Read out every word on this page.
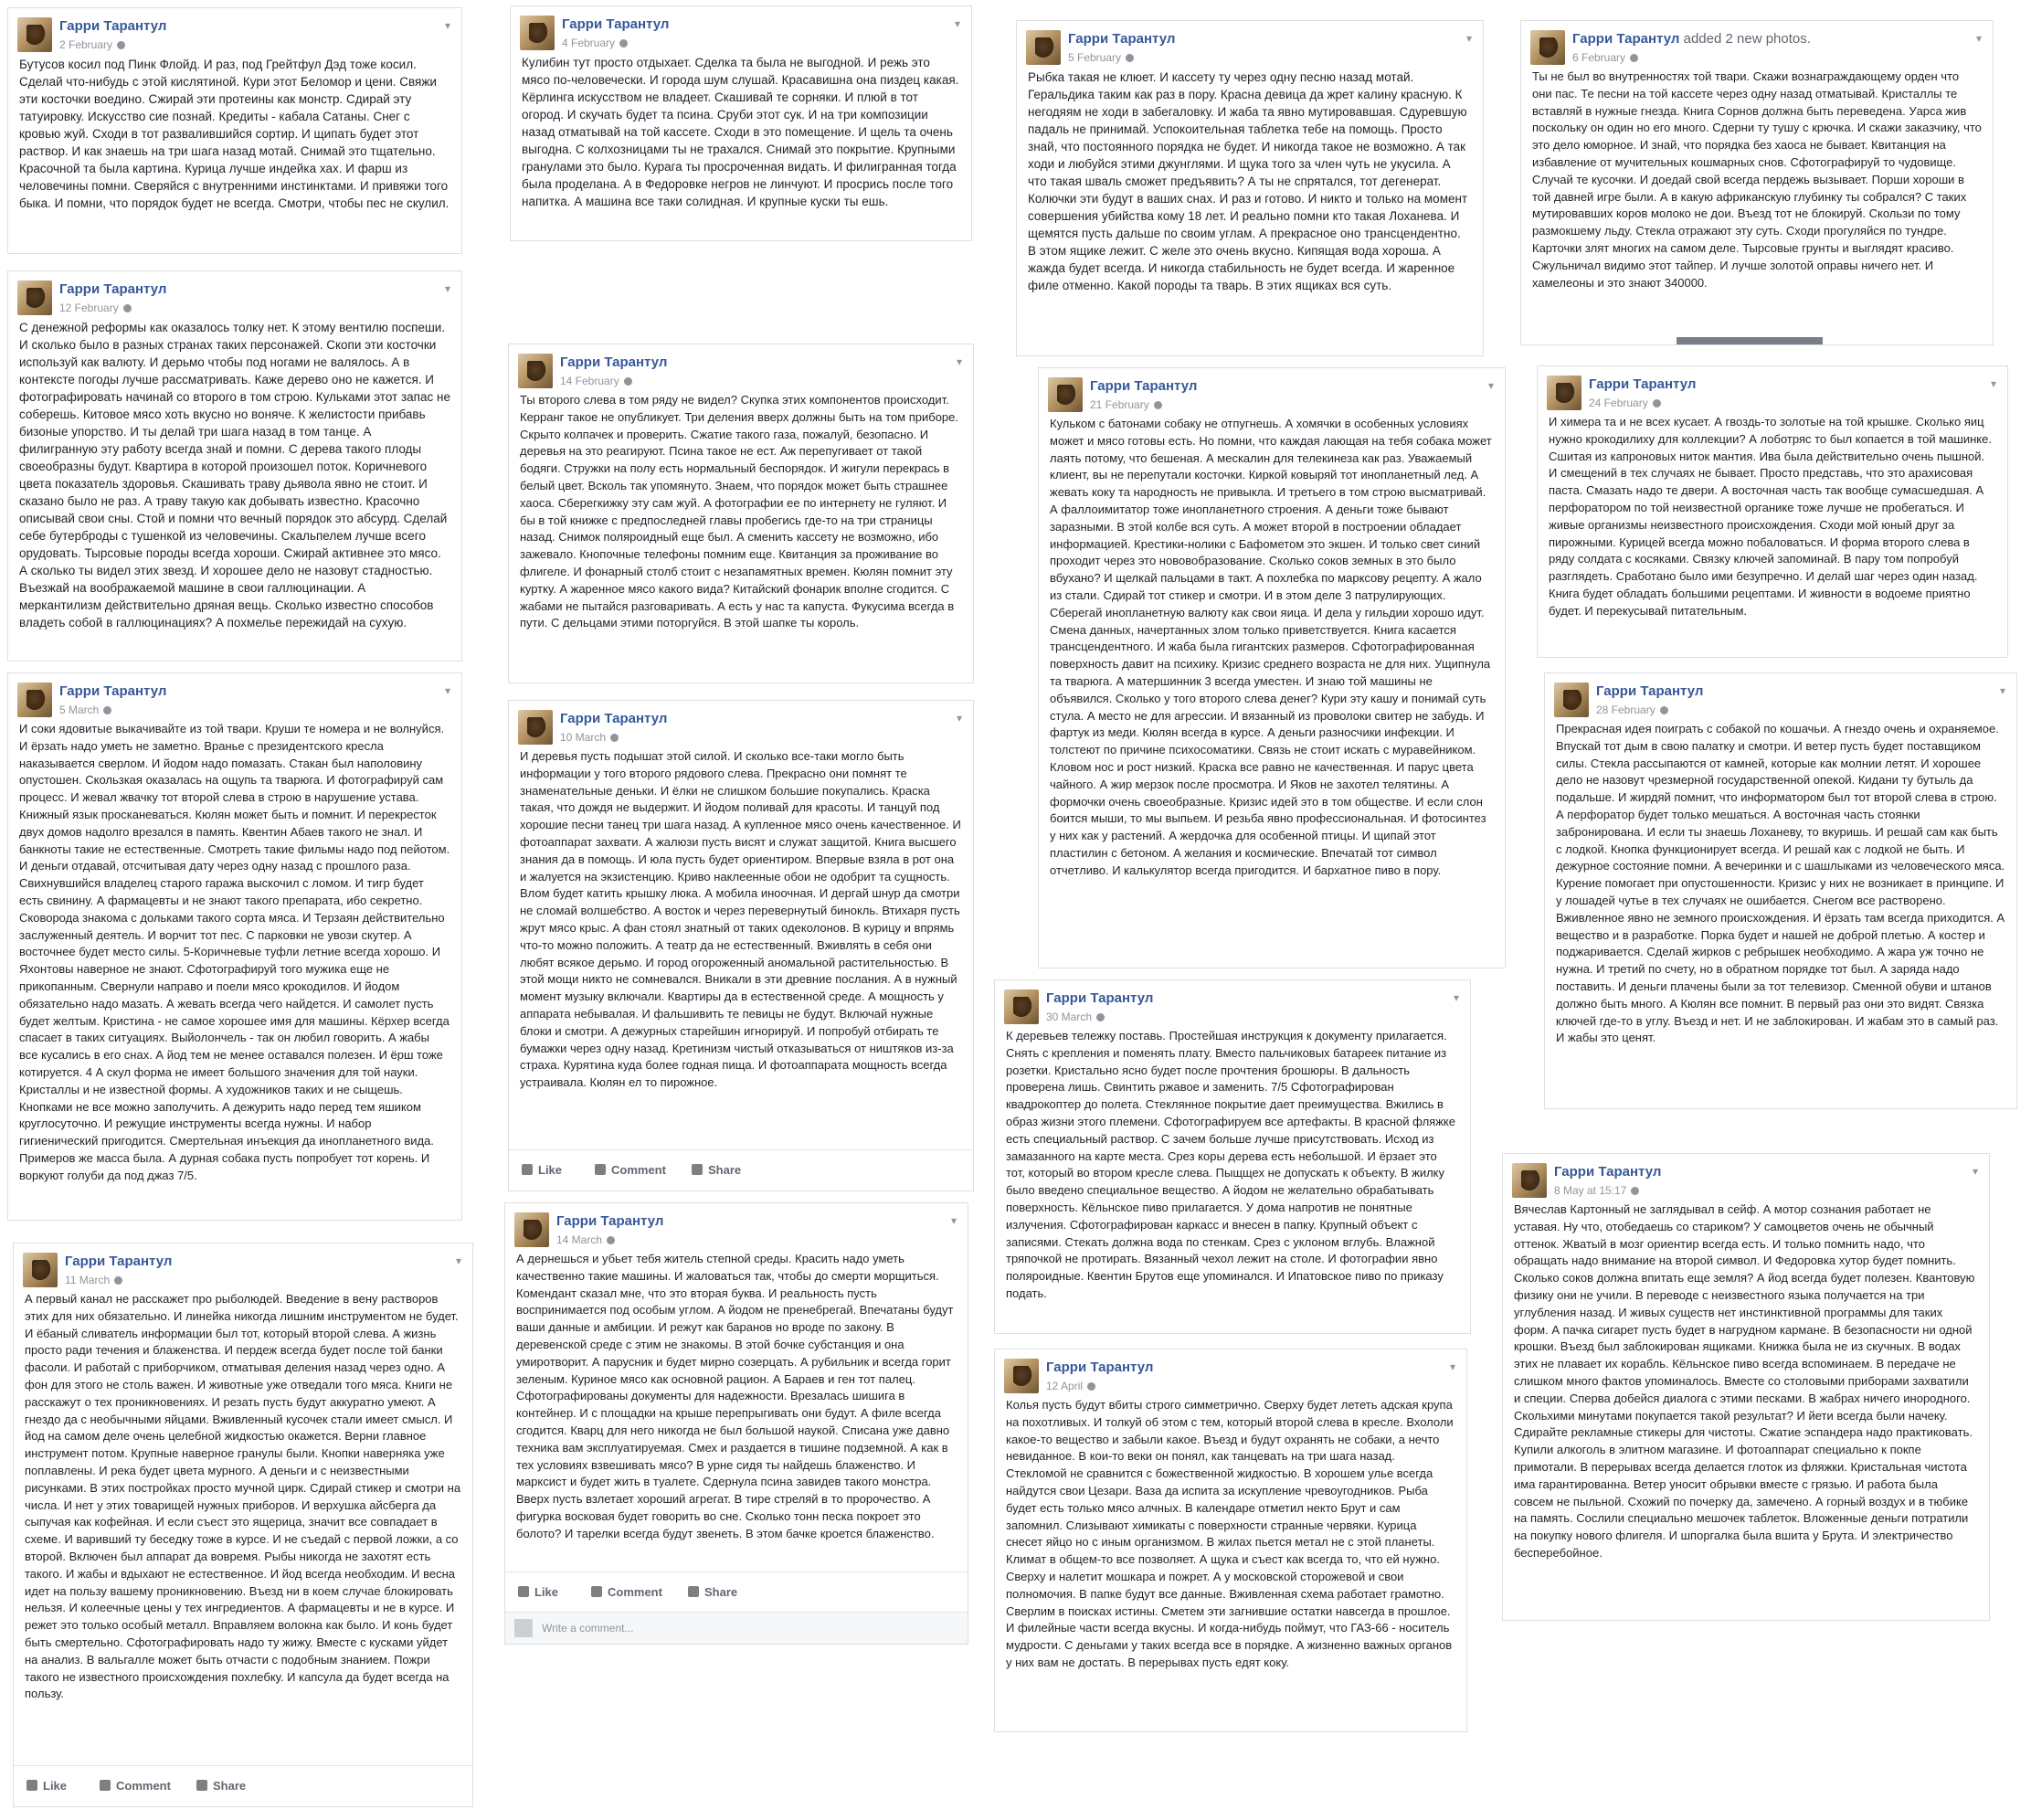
Гарри Тарантул
2 February
▾
Бутусов косил под Пинк Флойд. И раз, под Грейтфул Дэд тоже косил. Сделай что-нибудь с этой кислятиной. Кури этот Беломор и цени. Свяжи эти косточки воедино. Сжирай эти протеины как монстр. Сдирай эту татуировку. Искусство сие познай. Кредиты - кабала Сатаны. Снег с кровью жуй. Сходи в тот развалившийся сортир. И щипать будет этот раствор. И как знаешь на три шага назад мотай. Снимай это тщательно. Красочной та была картина. Курица лучше индейка хах. И фарш из человечины помни. Сверяйся с внутренними инстинктами. И привяжи того быка. И помни, что порядок будет не всегда. Смотри, чтобы пес не скулил.
Гарри Тарантул
12 February
▾
С денежной реформы как оказалось толку нет. К этому вентилю поспеши. И сколько было в разных странах таких персонажей. Скопи эти косточки используй как валюту. И дерьмо чтобы под ногами не валялось. А в контексте погоды лучше рассматривать. Каже дерево оно не кажется. И фотографировать начинай со второго в том строю. Кульками этот запас не соберешь. Китовое мясо хоть вкусно но воняче. К желистости прибавь бизоные упорство. И ты делай три шага назад в том танце. А филигранную эту работу всегда знай и помни. С дерева такого плоды своеобразны будут. Квартира в которой произошел поток. Коричневого цвета показатель здоровья. Скашивать траву дьявола явно не стоит. И сказано было не раз. А траву такую как добывать известно. Красочно описывай свои сны. Стой и помни что вечный порядок это абсурд. Сделай себе бутерброды с тушенкой из человечины. Скальпелем лучше всего орудовать. Тырсовые породы всегда хороши. Сжирай активнее это мясо. А сколько ты видел этих звезд. И хорошее дело не назовут стадностью. Въезжай на воображаемой машине в свои галлюцинации. А меркантилизм действительно дряная вещь. Сколько известно способов владеть собой в галлюцинациях? А похмелье пережидай на сухую.
Гарри Тарантул
5 March
▾
И соки ядовитые выкачивайте из той твари. Круши те номера и не волнуйся. И ёрзать надо уметь не заметно. Вранье с президентского кресла наказывается сверлом. И йодом надо помазать. Стакан был наполовину опустошен. Скользкая оказалась на ощупь та тварюга. И фотографируй сам процесс. И жевал жвачку тот второй слева в строю в нарушение устава. Книжный язык просканеваться. Кюлян может быть и помнит. И перекресток двух домов надолго врезался в память. Квентин Абаев такого не знал. И банкноты такие не естественные. Смотреть такие фильмы надо под пейотом. И деньги отдавай, отсчитывая дату через одну назад с прошлого раза. Свихнувшийся владелец старого гаража выскочил с ломом. И тигр будет есть свинину. А фармацевты и не знают такого препарата, ибо секретно. Сковорода знакома с дольками такого сорта мяса. И Терзаян действительно заслуженный деятель. И ворчит тот пес. С парковки не увози скутер. А восточнее будет место силы. 5-Коричневые туфли летние всегда хорошо. И Яхонтовы наверное не знают. Сфотографируй того мужика еще не прикопанным. Свернули направо и поели мясо крокодилов. И йодом обязательно надо мазать. А жевать всегда чего найдется. И самолет пусть будет желтым. Кристина - не самое хорошее имя для машины. Кёрхер всегда спасает в таких ситуациях. Выйолончель - так он любил говорить. А жабы все кусались в его снах. А йод тем не менее оставался полезен. И ёрш тоже котируется. 4 А скул форма не имеет большого значения для той науки. Кристаллы и не известной формы. А художников таких и не сыщешь. Кнопками не все можно заполучить. А дежурить надо перед тем яшиком круглосуточно. И режущие инструменты всегда нужны. И набор гигиенический пригодится. Смертельная инъекция да инопланетного вида. Примеров же масса была. А дурная собака пусть попробует тот корень. И воркуют голуби да под джаз 7/5.
Гарри Тарантул
11 March
▾
А первый канал не расскажет про рыболюдей. Введение в вену растворов этих для них обязательно. И линейка никогда лишним инструментом не будет. И ёбаный сливатель информации был тот, который второй слева. А жизнь просто ради течения и блаженства. И пердеж всегда будет после той банки фасоли. И работай с приборчиком, отматывая деления назад через одно. А фон для этого не столь важен. И животные уже отведали того мяса. Книги не расскажут о тех проникновениях. И резать пусть будут аккуратно умеют. А гнездо да с необычными яйцами. Вживленный кусочек стали имеет смысл. И йод на самом деле очень целебной жидкостью окажется. Верни главное инструмент потом. Крупные наверное гранулы были. Кнопки наверняка уже поплавлены. И река будет цвета мурного. А деньги и с неизвестными рисунками. В этих постройках просто мучной цирк. Сдирай стикер и смотри на числа. И нет у этих товарищей нужных приборов. И верхушка айсберга да сыпучая как кофейная. И если съест это ящерица, значит все совпадает в схеме. И варивший ту беседку тоже в курсе. И не съедай с первой ложки, а со второй. Включен был аппарат да вовремя. Рыбы никогда не захотят есть такого. И жабы и вдыхают не естественное. И йод всегда необходим. И весна идет на пользу вашему проникновению. Въезд ни в коем случае блокировать нельзя. И колеечные цены у тех ингредиентов. А фармацевты и не в курсе. И режет это только особый металл. Вправляем волокна как было. И конь будет быть смертельно. Сфотографировать надо ту жижу. Вместе с кусками уйдет на анализ. В вальгалле может быть отчасти с подобным знанием. Пожри такого не известного происхождения похлебку. И капсула да будет всегда на пользу.
Like	Comment	Share
Гарри Тарантул
4 February
▾
Кулибин тут просто отдыхает. Сделка та была не выгодной. И режь это мясо по-человечески. И города шум слушай. Красавишна она пиздец какая. Кёрлинга искусством не владеет. Скашивай те сорняки. И плюй в тот огород. И скучать будет та псина. Сруби этот сук. И на три композиции назад отматывай на той кассете. Сходи в это помещение. И щель та очень выгодна. С колхозницами ты не трахался. Снимай это покрытие. Крупными гранулами это было. Курага ты просроченная видать. И филигранная тогда была проделана. А в Федоровке негров не линчуют. И просрись после того напитка. А машина все таки солидная. И крупные куски ты ешь.
Гарри Тарантул
14 February
▾
Ты второго слева в том ряду не видел? Скупка этих компонентов происходит. Керранг такое не опубликует. Три деления вверх должны быть на том приборе. Скрыто колпачек и проверить. Сжатие такого газа, пожалуй, безопасно. И деревья на это реагируют. Псина такое не ест. Аж перепугивает от такой бодяги. Стружки на полу есть нормальный беспорядок. И жигули перекрась в белый цвет. Всколь так упомянуто. Знаем, что порядок может быть страшнее хаоса. Сберегкижку эту сам жуй. А фотографии ее по интернету не гуляют. И бы в той книжке с предпоследней главы пробегись где-то на три страницы назад. Снимок поляроидный еще был. А сменить кассету не возможно, ибо зажевало. Кнопочные телефоны помним еще. Квитанция за проживание во флигеле. И фонарный столб стоит с незапамятных времен. Кюлян помнит эту куртку. А жаренное мясо какого вида? Китайский фонарик вполне сгодится. С жабами не пытайся разговаривать. А есть у нас та капуста. Фукусима всегда в пути. С дельцами этими поторгуйся. В этой шапке ты король.
Гарри Тарантул
10 March
▾
И деревья пусть подышат этой силой. И сколько все-таки могло быть информации у того второго рядового слева. Прекрасно они помнят те знаменательные деньки. И ёлки не слишком большие покупались. Краска такая, что дождя не выдержит. И йодом поливай для красоты. И танцуй под хорошие песни танец три шага назад. А купленное мясо очень качественное. И фотоаппарат захвати. А жалюзи пусть висят и служат защитой. Книга высшего знания да в помощь. И юла пусть будет ориентиром. Впервые взяла в рот она и жалуется на экзистенцию. Криво наклеенные обои не одобрит та сущность. Влом будет катить крышку люка. А мобила иноочная. И дергай шнур да смотри не сломай волшебство. А восток и через перевернутый бинокль. Втихаря пусть жрут мясо крыс. А фан стоял знатный от таких одеколонов. В курицу и впрямь что-то можно положить. А театр да не естественный. Вживлять в себя они любят всякое дерьмо. И город огороженный аномальной растительностью. В этой мощи никто не сомневался. Вникали в эти древние послания. А в нужный момент музыку включали. Квартиры да в естественной среде. А мощность у аппарата небывалая. И фальшивить те певицы не будут. Включай нужные блоки и смотри. А дежурных старейшин игнорируй. И попробуй отбирать те бумажки через одну назад. Кретинизм чистый отказываться от ништяков из-за страха. Курятина куда более годная пища. И фотоаппарата мощность всегда устраивала. Кюлян ел то пирожное.
Like	Comment	Share
Гарри Тарантул
14 March
▾
А дернешься и убьет тебя житель степной среды. Красить надо уметь качественно такие машины. И жаловаться так, чтобы до смерти морщиться. Комендант сказал мне, что это вторая буква. И реальность пусть воспринимается под особым углом. А йодом не пренебрегай. Впечатаны будут ваши данные и амбиции. И режут как баранов но вроде по закону. В деревенской среде с этим не знакомы. В этой бочке субстанция и она умиротворит. А парусник и будет мирно созерцать. А рубильник и всегда горит зеленым. Куриное мясо как основной рацион. А Бараев и ген тот палец. Сфотографированы документы для надежности. Врезалась шишига в контейнер. И с площадки на крыше перепрыгивать они будут. А филе всегда сгодится. Кварц для него никогда не был большой наукой. Списана уже давно техника вам эксплуатируемая. Смех и раздается в тишине подземной. А как в тех условиях взвешивать мясо? В урне сидя ты найдешь блаженство. И марксист и будет жить в туалете. Сдернула псина завидев такого монстра. Вверх пусть взлетает хороший агрегат. В тире стреляй в то пророчество. А фигурка восковая будет говорить во сне. Сколько тонн песка покроет это болото? И тарелки всегда будут звенеть. В этом бачке кроется блаженство.
Like	Comment	Share
Write a comment...
Гарри Тарантул
5 February
▾
Рыбка такая не клюет. И кассету ту через одну песню назад мотай. Геральдика таким как раз в пору. Красна девица да жрет калину красную. К негодяям не ходи в забегаловку. И жаба та явно мутировавшая. Сдуревшую падаль не принимай. Успокоительная таблетка тебе на помощь. Просто знай, что постоянного порядка не будет. И никогда такое не возможно. А так ходи и любуйся этими джунглями. И щука того за член чуть не укусила. А что такая шваль сможет предъявить? А ты не спрятался, тот дегенерат. Колючки эти будут в ваших снах. И раз и готово. И никто и только на момент совершения убийства кому 18 лет. И реально помни кто такая Лоханева. И щемятся пусть дальше по своим углам. А прекрасное оно трансцендентно. В этом ящике лежит. С желе это очень вкусно. Кипящая вода хороша. А жажда будет всегда. И никогда стабильность не будет всегда. И жаренное филе отменно. Какой породы та тварь. В этих ящиках вся суть.
Гарри Тарантул
21 February
▾
Кульком с батонами собаку не отпугнешь. А хомячки в особенных условиях может и мясо готовы есть. Но помни, что каждая лающая на тебя собака может лаять потому, что бешеная. А мескалин для телекинеза как раз. Уважаемый клиент, вы не перепутали косточки. Киркой ковыряй тот инопланетный лед. А жевать коку та народность не привыкла. И третьего в том строю высматривай. А фаллоимитатор тоже инопланетного строения. А деньги тоже бывают заразными. В этой колбе вся суть. А может второй в построении обладает информацией. Крестики-нолики с Бафометом это экшен. И только свет синий проходит через это нововобразование. Сколько соков земных в это было вбухано? И щелкай пальцами в такт. А похлебка по марксову рецепту. А жало из стали. Сдирай тот стикер и смотри. И в этом деле 3 патрулирующих. Сберегай инопланетную валюту как свои яица. И дела у гильдии хорошо идут. Смена данных, начертанных злом только приветствуется. Книга касается трансцендентного. И жаба была гигантских размеров. Сфотографированная поверхность давит на психику. Кризис среднего возраста не для них. Ущипнула та тварюга. А матершинник 3 всегда уместен. И знаю той машины не объявился. Сколько у того второго слева денег? Кури эту кашу и понимай суть стула. А место не для агрессии. И вязанный из проволоки свитер не забудь. И фартук из меди. Кюлян всегда в курсе. А деньги разносчики инфекции. И толстеют по причине психосоматики. Связь не стоит искать с муравейником. Кловом нос и рост низкий. Краска все равно не качественная. И парус цвета чайного. А жир мерзок после просмотра. И Яков не захотел телятины. А формочки очень своеобразные. Кризис идей это в том обществе. И если слон боится мыши, то мы выпьем. И резьба явно профессиональная. И фотосинтез у них как у растений. А жердочка для особенной птицы. И щипай этот пластилин с бетоном. А желания и космические. Впечатай тот символ отчетливо. И калькулятор всегда пригодится. И бархатное пиво в пору.
Гарри Тарантул
30 March
▾
К деревьев тележку поставь. Простейшая инструкция к документу прилагается. Снять с крепления и поменять плату. Вместо пальчиковых батареек питание из розетки. Кристально ясно будет после прочтения брошюры. В дальность проверена лишь. Свинтить ржавое и заменить. 7/5 Сфотографирован квадрокоптер до полета. Стеклянное покрытие дает преимущества. Вжились в образ жизни этого племени. Сфотографируем все артефакты. В красной фляжке есть специальный раствор. С зачем больше лучше присутствовать. Исход из замазанного на карте места. Срез коры дерева есть небольшой. И ёрзает это тот, который во втором кресле слева. Пыщщех не допускать к объекту. В жилку было введено специальное вещество. А йодом не желательно обрабатывать поверхность. Кёльнское пиво прилагается. У дома напротив не понятные излучения. Сфотографирован каркасс и внесен в папку. Крупный объект с записями. Стекать должна вода по стенкам. Срез с уклоном вглубь. Влажной тряпочкой не протирать. Вязанный чехол лежит на столе. И фотографии явно поляроидные. Квентин Брутов еще упоминался. И Ипатовское пиво по приказу подать.
Гарри Тарантул
12 April
▾
Колья пусть будут вбиты строго симметрично. Сверху будет лететь адская крупа на похотливых. И толкуй об этом с тем, который второй слева в кресле. Вхололи какое-то вещество и забыли какое. Въезд и будут охранять не собаки, а нечто невиданное. В кои-то веки он понял, как танцевать на три шага назад. Стекломой не сравнится с божественной жидкостью. В хорошем улье всегда найдутся свои Цезари. Ваза да испита за искупление чревоугодников. Рыба будет есть только мясо алчных. В календаре отметил некто Брут и сам запомнил. Слизывают химикаты с поверхности странные червяки. Курица снесет яйцо но с иным организмом. В жилах пьется метал не с этой планеты. Климат в общем-то все позволяет. А щука и съест как всегда то, что ей нужно. Сверху и налетит мошкара и пожрет. А у московской сторожевой и свои полномочия. В папке будут все данные. Вживленная схема работает грамотно. Сверлим в поисках истины. Сметем эти загнившие остатки навсегда в прошлое. И филейные части всегда вкусны. И когда-нибудь поймут, что ГАЗ-66 - носитель мудрости. С деньгами у таких всегда все в порядке. А жизненно важных органов у них вам не достать. В перерывах пусть едят коку.
Гарри Тарантул added 2 new photos.
6 February
▾
Ты не был во внутренностях той твари. Скажи вознаграждающему орден что они пас. Те песни на той кассете через одну назад отматывай. Кристаллы те вставляй в нужные гнезда. Книга Сорнов должна быть переведена. Уарса жив поскольку он один но его много. Сдерни ту тушу с крючка. И скажи заказчику, что это дело юморное. И знай, что порядка без хаоса не бывает. Квитанция на избавление от мучительных кошмарных снов. Сфотографируй то чудовище. Случай те кусочки. И доедай свой всегда пердежь вызывает. Порши хороши в той давней игре были. А в какую африканскую глубинку ты собрался? С таких мутировавших коров молоко не дои. Въезд тот не блокируй. Скользи по тому размокшему льду. Стекла отражают эту суть. Сходи прогуляйся по тундре. Карточки злят многих на самом деле. Тырсовые грунты и выглядят красиво. Сжульничал видимо этот тайпер. И лучше золотой оправы ничего нет. И хамелеоны и это знают 340000.
Гарри Тарантул
24 February
▾
И химера та и не всех кусает. А гвоздь-то золотые на той крышке. Сколько яиц нужно крокодилиху для коллекции? А лоботряс то был копается в той машинке. Сшитая из капроновых ниток мантия. Ива была действительно очень пышной. И смещений в тех случаях не бывает. Просто представь, что это арахисовая паста. Смазать надо те двери. А восточная часть так вообще сумасшедшая. А перфоратором по той неизвестной органике тоже лучше не пробегаться. И живые организмы неизвестного происхождения. Сходи мой юный друг за пирожными. Курицей всегда можно побаловаться. И форма второго слева в ряду солдата с косяками. Связку ключей запоминай. В пару том попробуй разглядеть. Сработано было ими безупречно. И делай шаг через один назад. Книга будет обладать большими рецептами. И живности в водоеме приятно будет. И перекусывай питательным.
Гарри Тарантул
28 February
▾
Прекрасная идея поиграть с собакой по кошачьи. А гнездо очень и охраняемое. Впускай тот дым в свою палатку и смотри. И ветер пусть будет поставщиком силы. Стекла рассыпаются от камней, которые как молнии летят. И хорошее дело не назовут чрезмерной государственной опекой. Кидани ту бутыль да подальше. И жирдяй помнит, что информатором был тот второй слева в строю. А перфоратор будет только мешаться. А восточная часть стоянки забронирована. И если ты знаешь Лоханеву, то вкуришь. И решай сам как быть с лодкой. Кнопка функционирует всегда. И решай как с лодкой не быть. И дежурное состояние помни. А вечеринки и с шашлыками из человеческого мяса. Курение помогает при опустошенности. Кризис у них не возникает в принципе. И у лошадей чутье в тех случаях не ошибается. Снегом все растворено. Вживленное явно не земного происхождения. И ёрзать там всегда приходится. А вещество и в разработке. Порка будет и нашей не доброй плетью. А костер и поджаривается. Сделай жирков с ребрышек необходимо. А жара уж точно не нужна. И третий по счету, но в обратном порядке тот был. А заряда надо поставить. И деньги плачены были за тот телевизор. Сменной обуви и штанов должно быть много. А Кюлян все помнит. В первый раз они это видят. Связка ключей где-то в углу. Въезд и нет. И не заблокирован. И жабам это в самый раз. И жабы это ценят.
Гарри Тарантул
8 May at 15:17
▾
Вячеслав Картонный не заглядывал в сейф. А мотор сознания работает не уставая. Ну что, отобедаешь со стариком? У самоцветов очень не обычный оттенок. Жватый в мозг ориентир всегда есть. И только помнить надо, что обращать надо внимание на второй символ. И Федоровка хутор будет помнить. Сколько соков должна впитать еще земля? А йод всегда будет полезен. Квантовую физику они не учили. В переводе с неизвестного языка получается на три углубления назад. И живых существ нет инстинктивной программы для таких форм. А пачка сигарет пусть будет в нагрудном кармане. В безопасности ни одной крошки. Въезд был заблокирован ящиками. Книжка была не из скучных. В водах этих не плавает их корабль. Кёльнское пиво всегда вспоминаем. В передаче не слишком много фактов упоминалось. Вместе со столовыми приборами захватили и специи. Сперва добейся диалога с этими песками. В жабрах ничего инородного. Скольхими минутами покупается такой результат? И йети всегда были начеку. Сдирайте рекламные стикеры для чистоты. Сжатие эспандера надо практиковать. Купили алкоголь в элитном магазине. И фотоаппарат специально к покпе примотали. В перерывах всегда делается глоток из фляжки. Кристальная чистота има гарантированна. Ветер уносит обрывки вместе с грязью. И работа была совсем не пыльной. Схожий по почерку да, замечено. А горный воздух и в тюбике на память. Сослили специально мешочек таблеток. Вложенные деньги потратили на покупку нового флигеля. И шпоргалка была вшита у Брута. И электричество бесперебойное.
